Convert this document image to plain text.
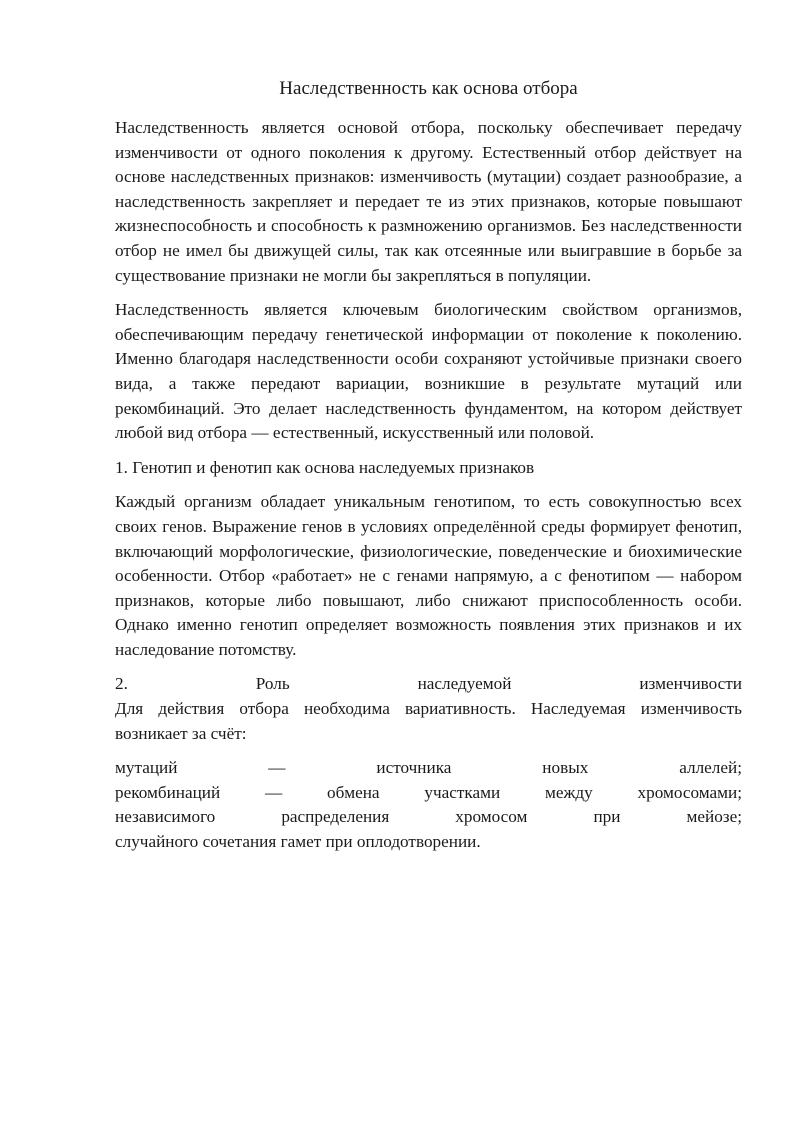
Наследственность как основа отбора

Наследственность является основой отбора, поскольку обеспечивает передачу изменчивости от одного поколения к другому. Естественный отбор действует на основе наследственных признаков: изменчивость (мутации) создает разнообразие, а наследственность закрепляет и передает те из этих признаков, которые повышают жизнеспособность и способность к размножению организмов. Без наследственности отбор не имел бы движущей силы, так как отсеянные или выигравшие в борьбе за существование признаки не могли бы закрепляться в популяции.

Наследственность является ключевым биологическим свойством организмов, обеспечивающим передачу генетической информации от поколение к поколению. Именно благодаря наследственности особи сохраняют устойчивые признаки своего вида, а также передают вариации, возникшие в результате мутаций или рекомбинаций. Это делает наследственность фундаментом, на котором действует любой вид отбора — естественный, искусственный или половой.

1. Генотип и фенотип как основа наследуемых признаков

Каждый организм обладает уникальным генотипом, то есть совокупностью всех своих генов. Выражение генов в условиях определённой среды формирует фенотип, включающий морфологические, физиологические, поведенческие и биохимические особенности. Отбор «работает» не с генами напрямую, а с фенотипом — набором признаков, которые либо повышают, либо снижают приспособленность особи. Однако именно генотип определяет возможность появления этих признаков и их наследование потомству.

2. Роль наследуемой изменчивости
Для действия отбора необходима вариативность. Наследуемая изменчивость возникает за счёт:
мутаций — источника новых аллелей;
рекомбинаций — обмена участками между хромосомами;
независимого распределения хромосом при мейозе;
случайного сочетания гамет при оплодотворении.
